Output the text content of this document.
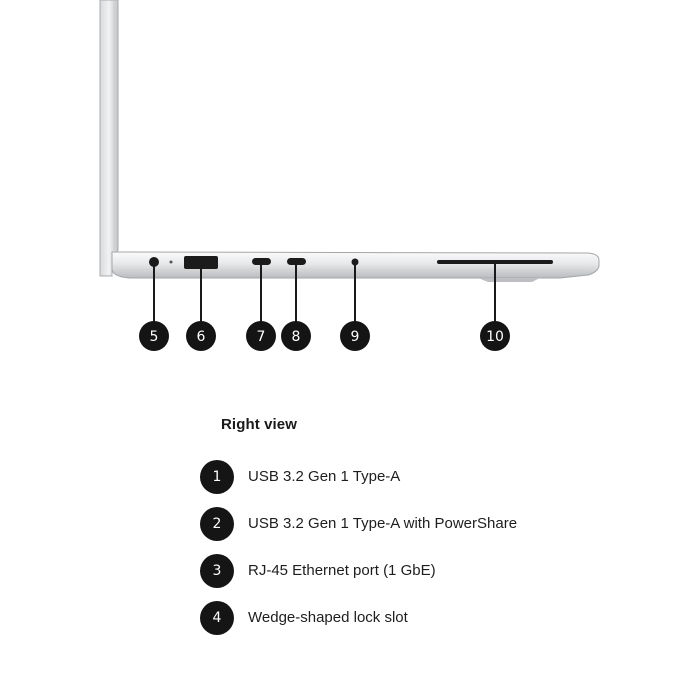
5	6	7 8	9	10
Right view
1	USB 3.2 Gen 1 Type-A
2	USB 3.2 Gen 1 Type-A with PowerShare
3	RJ-45 Ethernet port (1 GbE)
4	Wedge-shaped lock slot
